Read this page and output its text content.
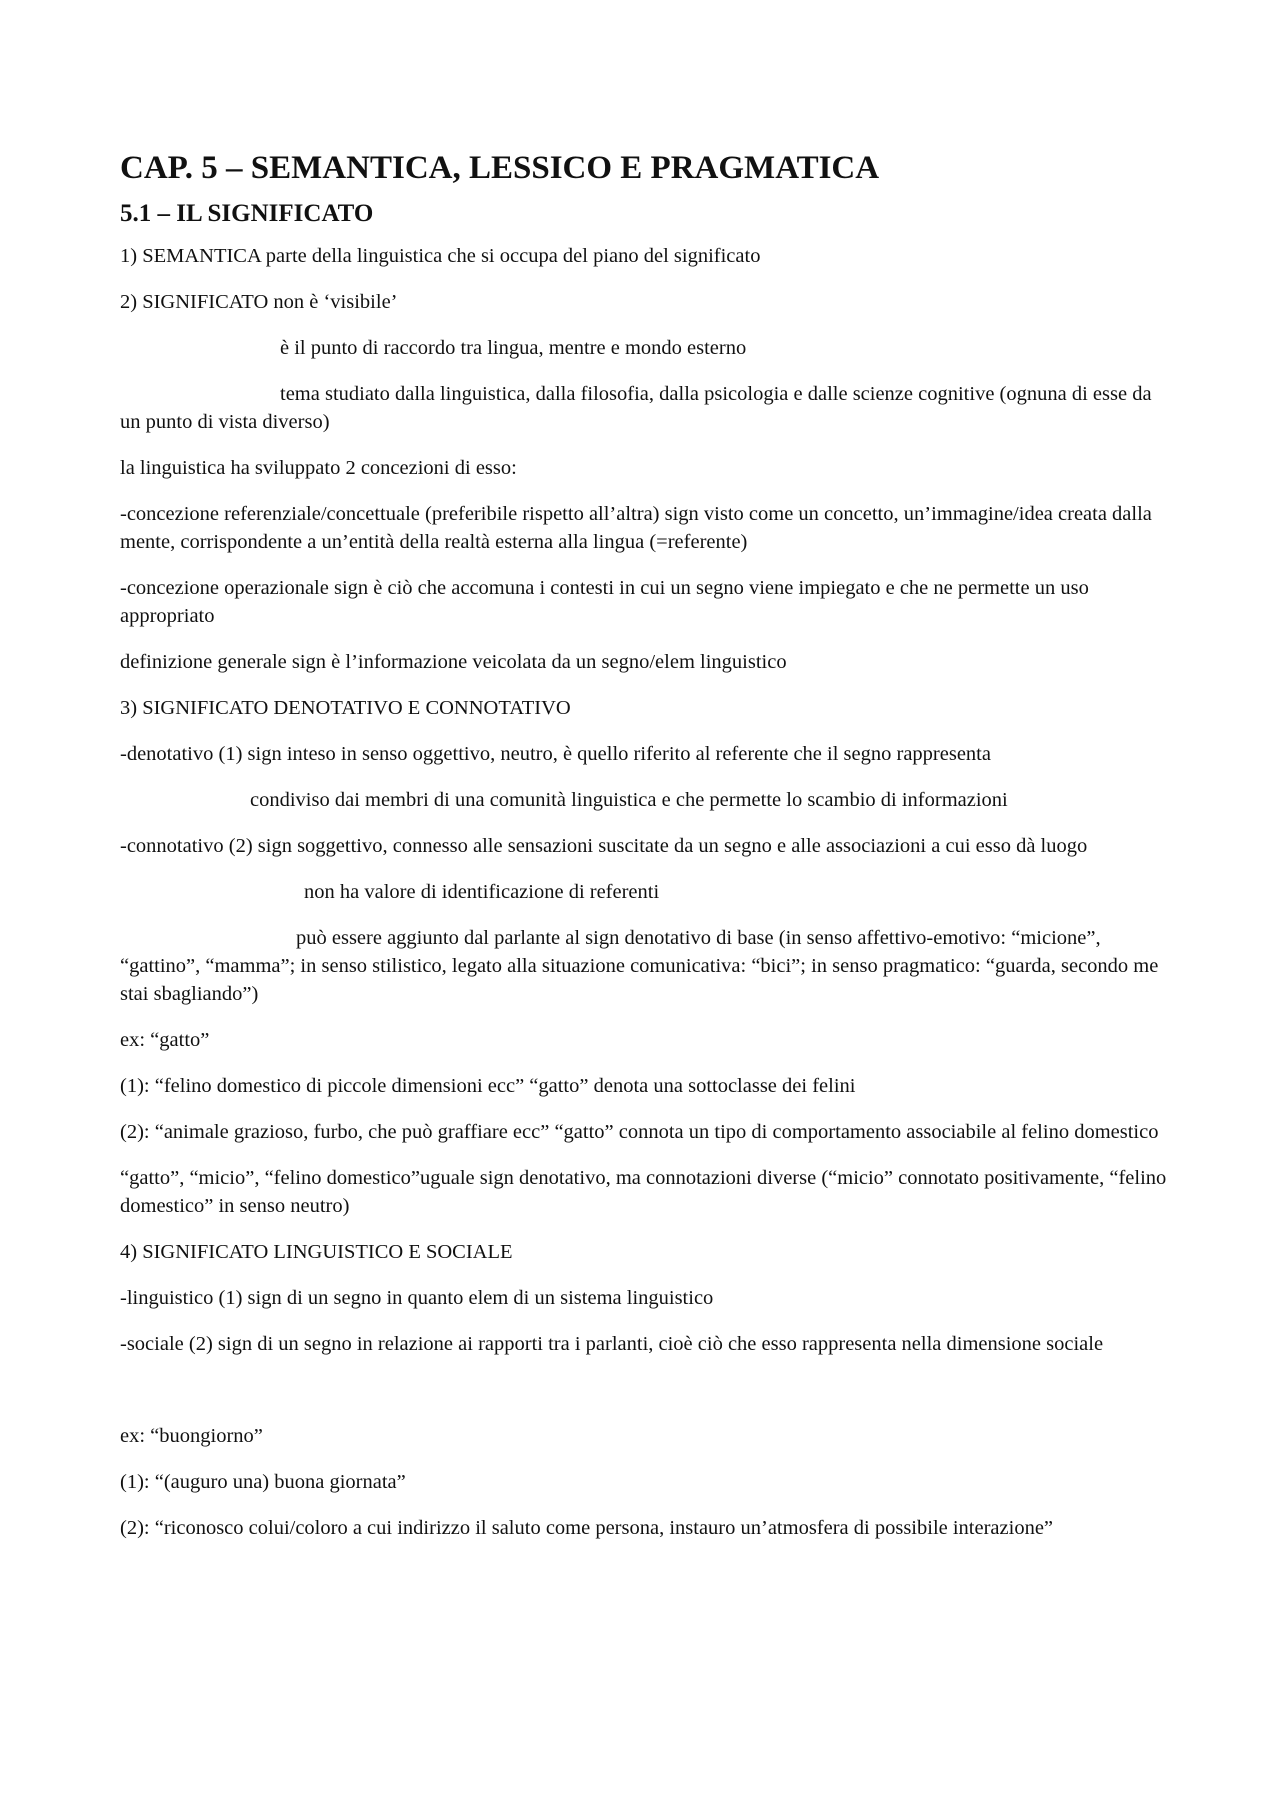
CAP. 5 – SEMANTICA, LESSICO E PRAGMATICA
5.1 – IL SIGNIFICATO
1) SEMANTICA parte della linguistica che si occupa del piano del significato
2) SIGNIFICATO non è ‘visibile’
è il punto di raccordo tra lingua, mentre e mondo esterno
tema studiato dalla linguistica, dalla filosofia, dalla psicologia e dalle scienze cognitive (ognuna di esse da un punto di vista diverso)
la linguistica ha sviluppato 2 concezioni di esso:
-concezione referenziale/concettuale (preferibile rispetto all’altra) sign visto come un concetto, un’immagine/idea creata dalla mente, corrispondente a un’entità della realtà esterna alla lingua (=referente)
-concezione operazionale sign è ciò che accomuna i contesti in cui un segno viene impiegato e che ne permette un uso appropriato
definizione generale sign è l’informazione veicolata da un segno/elem linguistico
3) SIGNIFICATO DENOTATIVO E CONNOTATIVO
-denotativo (1) sign inteso in senso oggettivo, neutro, è quello riferito al referente che il segno rappresenta
condiviso dai membri di una comunità linguistica e che permette lo scambio di informazioni
-connotativo (2) sign soggettivo, connesso alle sensazioni suscitate da un segno e alle associazioni a cui esso dà luogo
non ha valore di identificazione di referenti
può essere aggiunto dal parlante al sign denotativo di base (in senso affettivo-emotivo: “micione”, “gattino”, “mamma”; in senso stilistico, legato alla situazione comunicativa: “bici”; in senso pragmatico: “guarda, secondo me stai sbagliando”)
ex: “gatto”
(1): “felino domestico di piccole dimensioni ecc” “gatto” denota una sottoclasse dei felini
(2): “animale grazioso, furbo, che può graffiare ecc” “gatto” connota un tipo di comportamento associabile al felino domestico
“gatto”, “micio”, “felino domestico”uguale sign denotativo, ma connotazioni diverse (“micio” connotato positivamente, “felino domestico” in senso neutro)
4) SIGNIFICATO LINGUISTICO E SOCIALE
-linguistico (1) sign di un segno in quanto elem di un sistema linguistico
-sociale (2) sign di un segno in relazione ai rapporti tra i parlanti, cioè ciò che esso rappresenta nella dimensione sociale
ex: “buongiorno”
(1): “(auguro una) buona giornata”
(2): “riconosco colui/coloro a cui indirizzo il saluto come persona, instauro un’atmosfera di possibile interazione”
